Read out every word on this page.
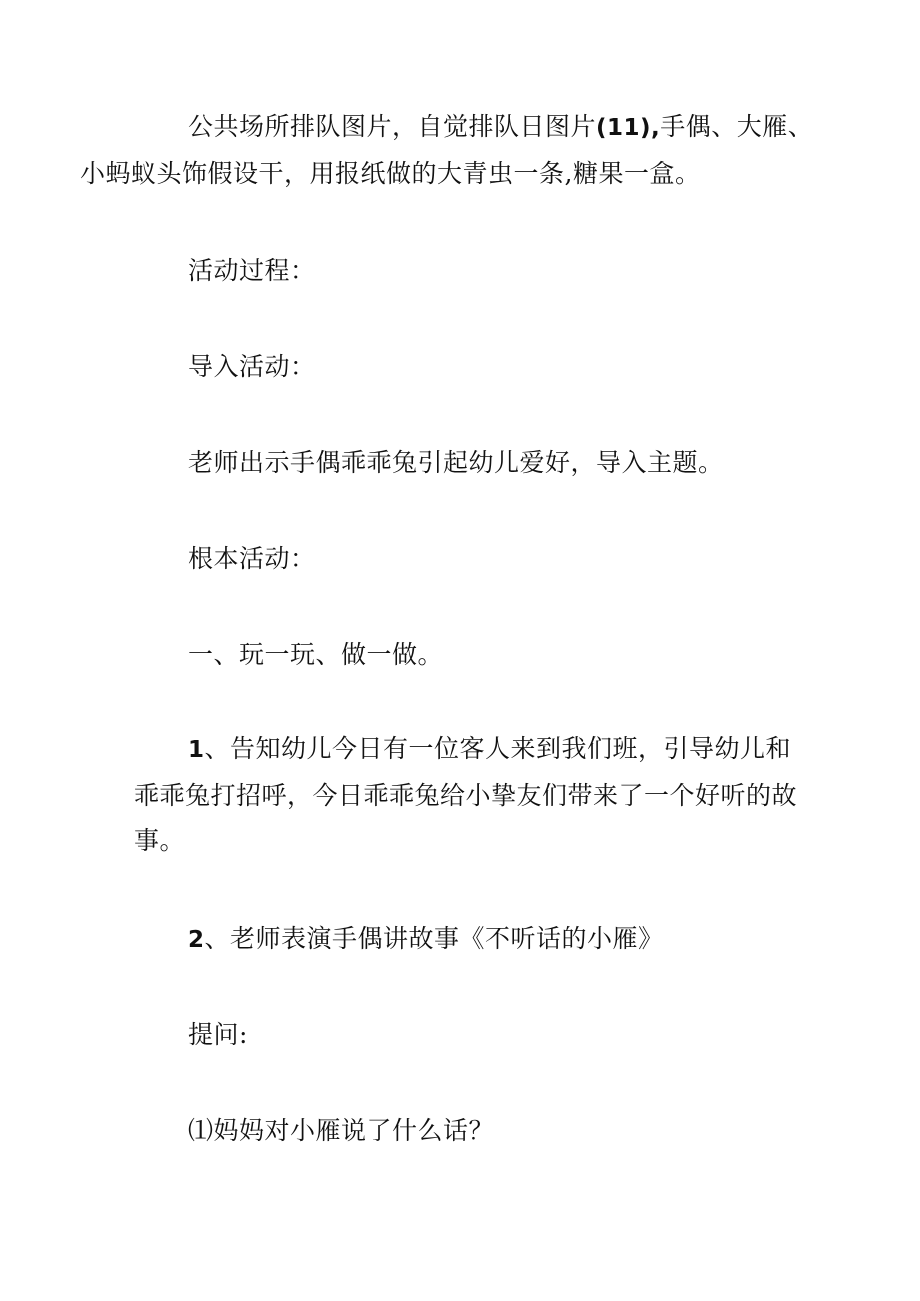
公共场所排队图片，自觉排队日图片(11),手偶、大雁、
小蚂蚁头饰假设干，用报纸做的大青虫一条,糖果一盒。

活动过程：

导入活动：

老师出示手偶乖乖兔引起幼儿爱好，导入主题。

根本活动：

一、玩一玩、做一做。

1、告知幼儿今日有一位客人来到我们班，引导幼儿和乖乖兔打招呼，今日乖乖兔给小挚友们带来了一个好听的故事。

2、老师表演手偶讲故事《不听话的小雁》

提问:

⑴妈妈对小雁说了什么话？
